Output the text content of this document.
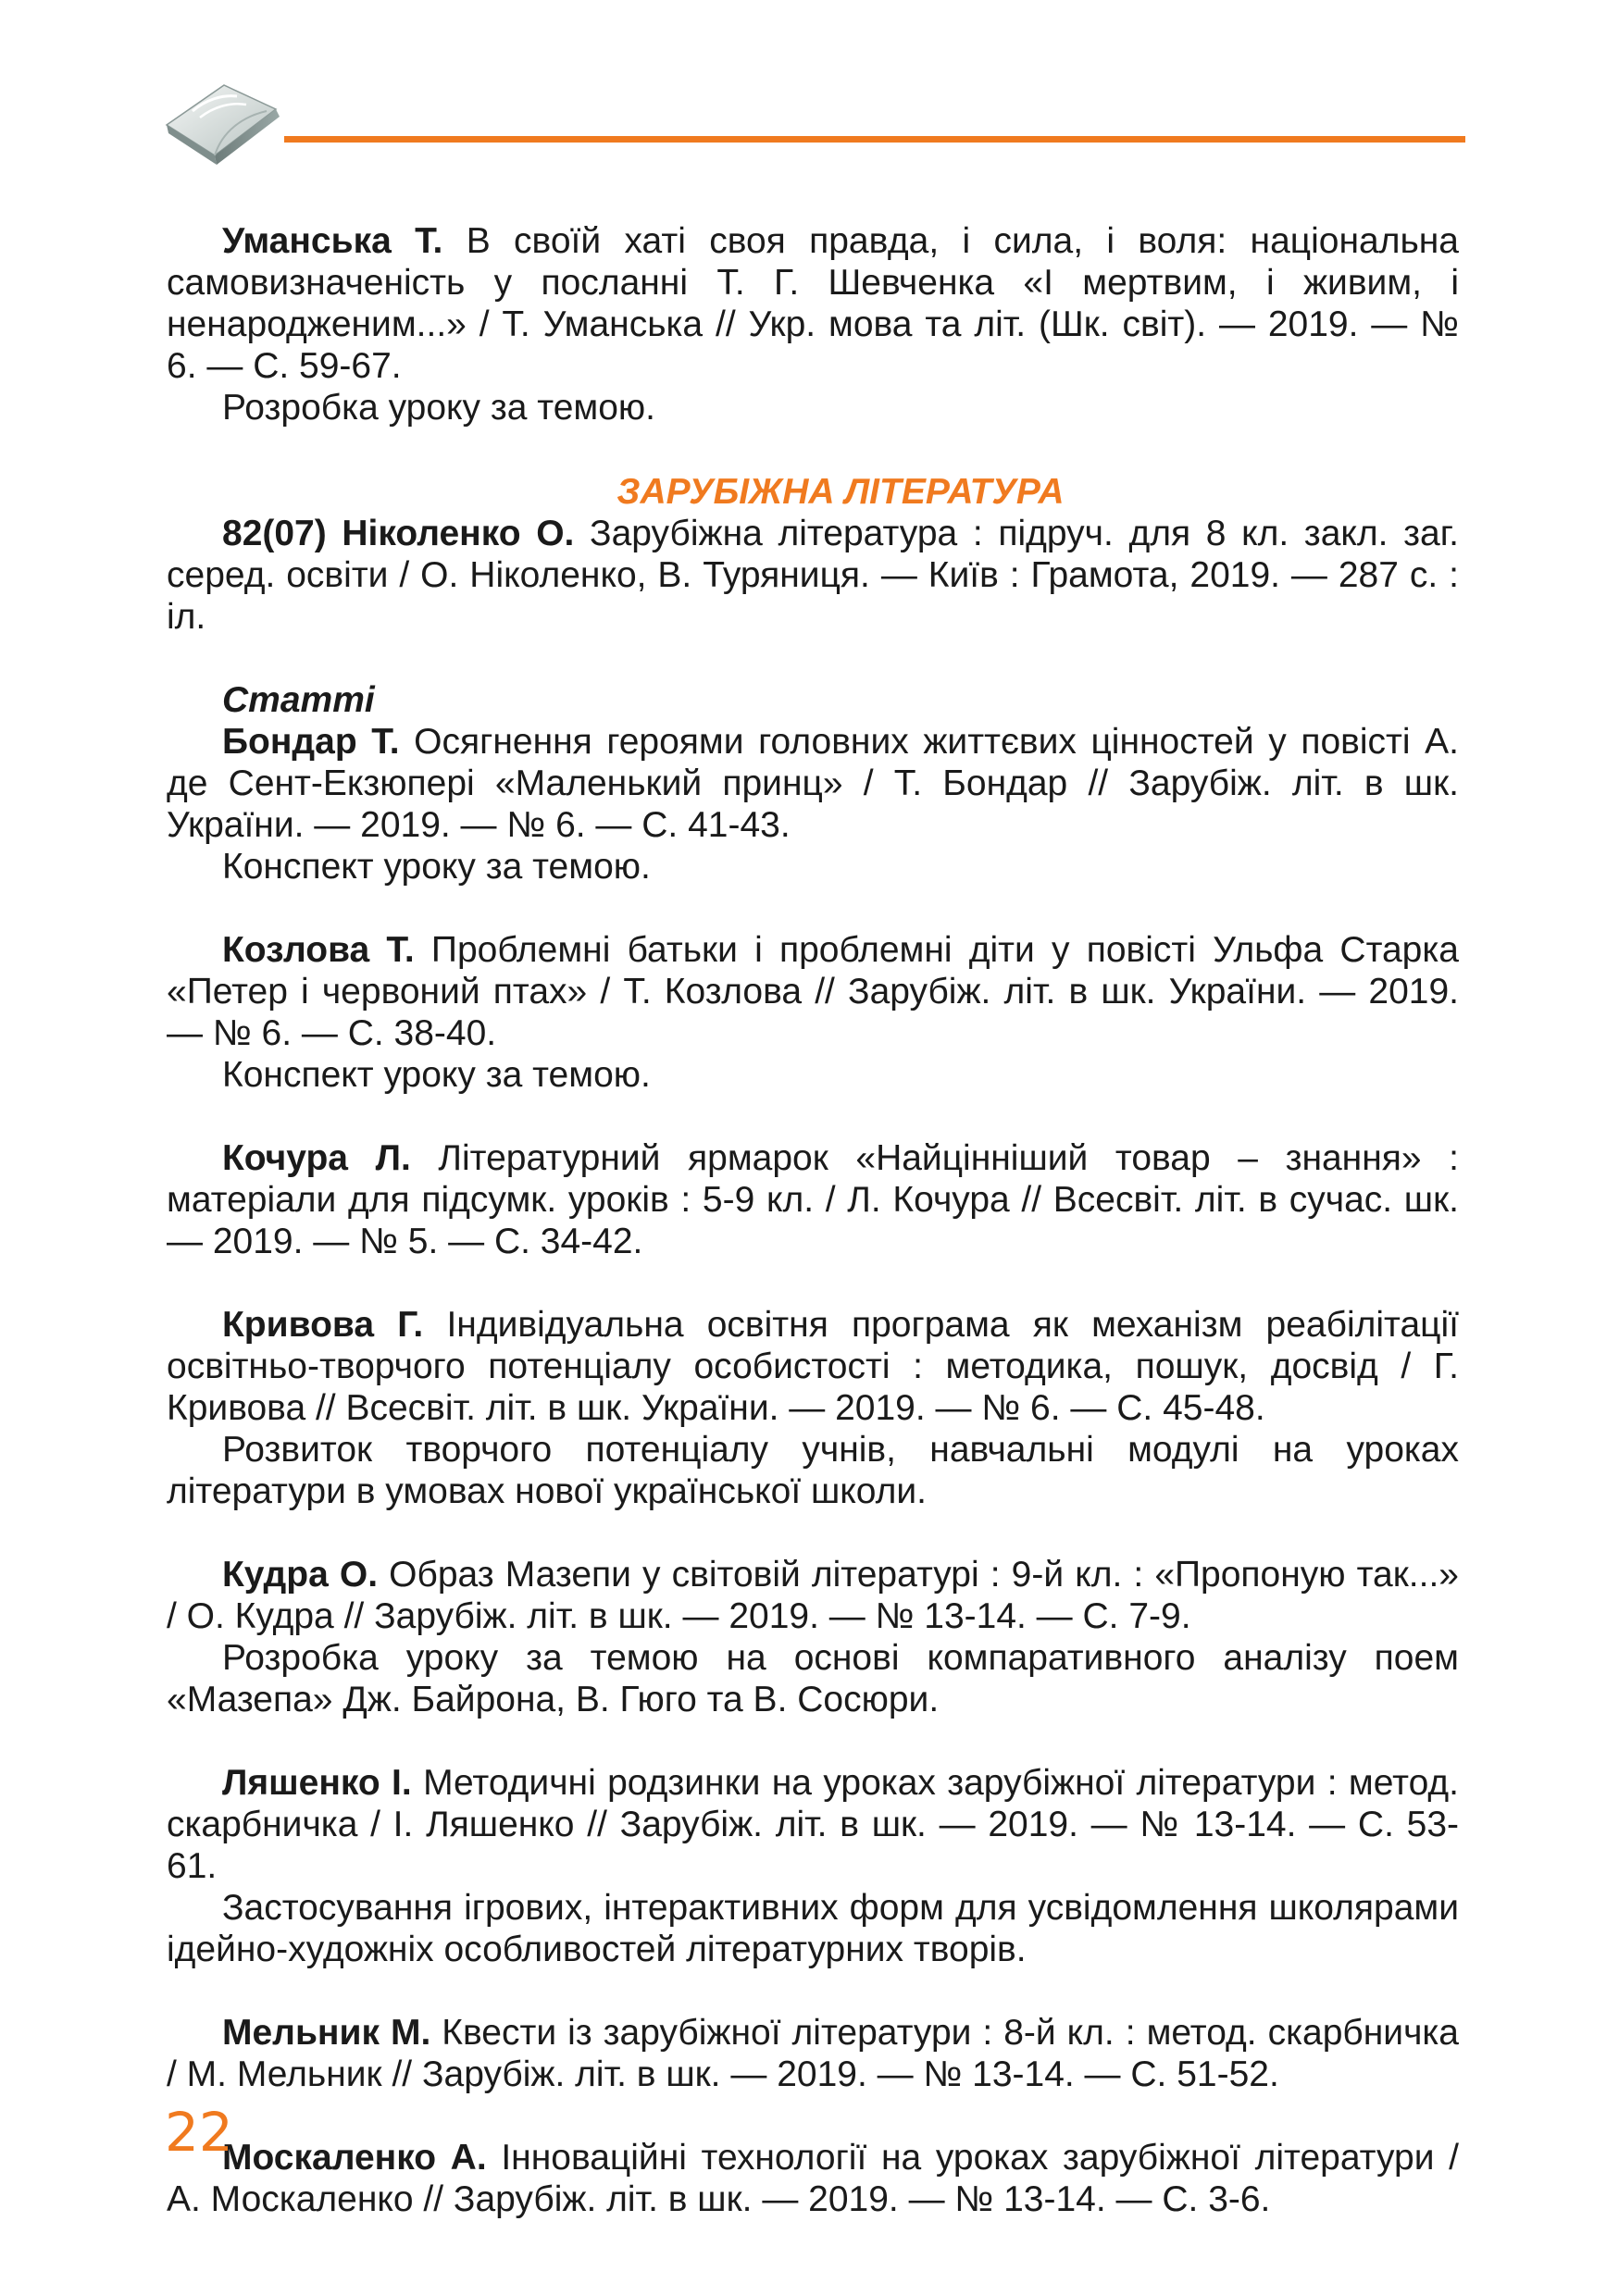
Уманська Т. В своїй хаті своя правда, і сила, і воля: національна самовизначеність у посланні Т. Г. Шевченка «І мертвим, і живим, і ненародженим...» / Т. Уманська // Укр. мова та літ. (Шк. світ). — 2019. — № 6. — С. 59-67.

Розробка уроку за темою.

ЗАРУБІЖНА ЛІТЕРАТУРА

82(07) Ніколенко О. Зарубіжна література : підруч. для 8 кл. закл. заг. серед. освіти / О. Ніколенко, В. Туряниця. — Київ : Грамота, 2019. — 287 с. : іл.

Статті

Бондар Т. Осягнення героями головних життєвих цінностей у повісті А. де Сент-Екзюпері «Маленький принц» / Т. Бондар // Зарубіж. літ. в шк. України. — 2019. — № 6. — С. 41-43.

Конспект уроку за темою.

Козлова Т. Проблемні батьки і проблемні діти у повісті Ульфа Старка «Петер і червоний птах» / Т. Козлова // Зарубіж. літ. в шк. України. — 2019. — № 6. — С. 38-40.

Конспект уроку за темою.

Кочура Л. Літературний ярмарок «Найцінніший товар – знання» : матеріали для підсумк. уроків : 5-9 кл. / Л. Кочура // Всесвіт. літ. в сучас. шк. — 2019. — № 5. — С. 34-42.

Кривова Г. Індивідуальна освітня програма як механізм реабілітації освітньо-творчого потенціалу особистості : методика, пошук, досвід / Г. Кривова // Всесвіт. літ. в шк. України. — 2019. — № 6. — С. 45-48.

Розвиток творчого потенціалу учнів, навчальні модулі на уроках літератури в умовах нової української школи.

Кудра О. Образ Мазепи у світовій літературі : 9-й кл. : «Пропоную так...» / О. Кудра // Зарубіж. літ. в шк. — 2019. — № 13-14. — С. 7-9.

Розробка уроку за темою на основі компаративного аналізу поем «Мазепа» Дж. Байрона, В. Гюго та В. Сосюри.

Ляшенко І. Методичні родзинки на уроках зарубіжної літератури : метод. скарбничка / І. Ляшенко // Зарубіж. літ. в шк. — 2019. — № 13-14. — С. 53-61.

Застосування ігрових, інтерактивних форм для усвідомлення школярами ідейно-художніх особливостей літературних творів.

Мельник М. Квести із зарубіжної літератури : 8-й кл. : метод. скарбничка / М. Мельник // Зарубіж. літ. в шк. — 2019. — № 13-14. — С. 51-52.

Москаленко А. Інноваційні технології на уроках зарубіжної літератури / А. Москаленко // Зарубіж. літ. в шк. — 2019. — № 13-14. — С. 3-6.

22
